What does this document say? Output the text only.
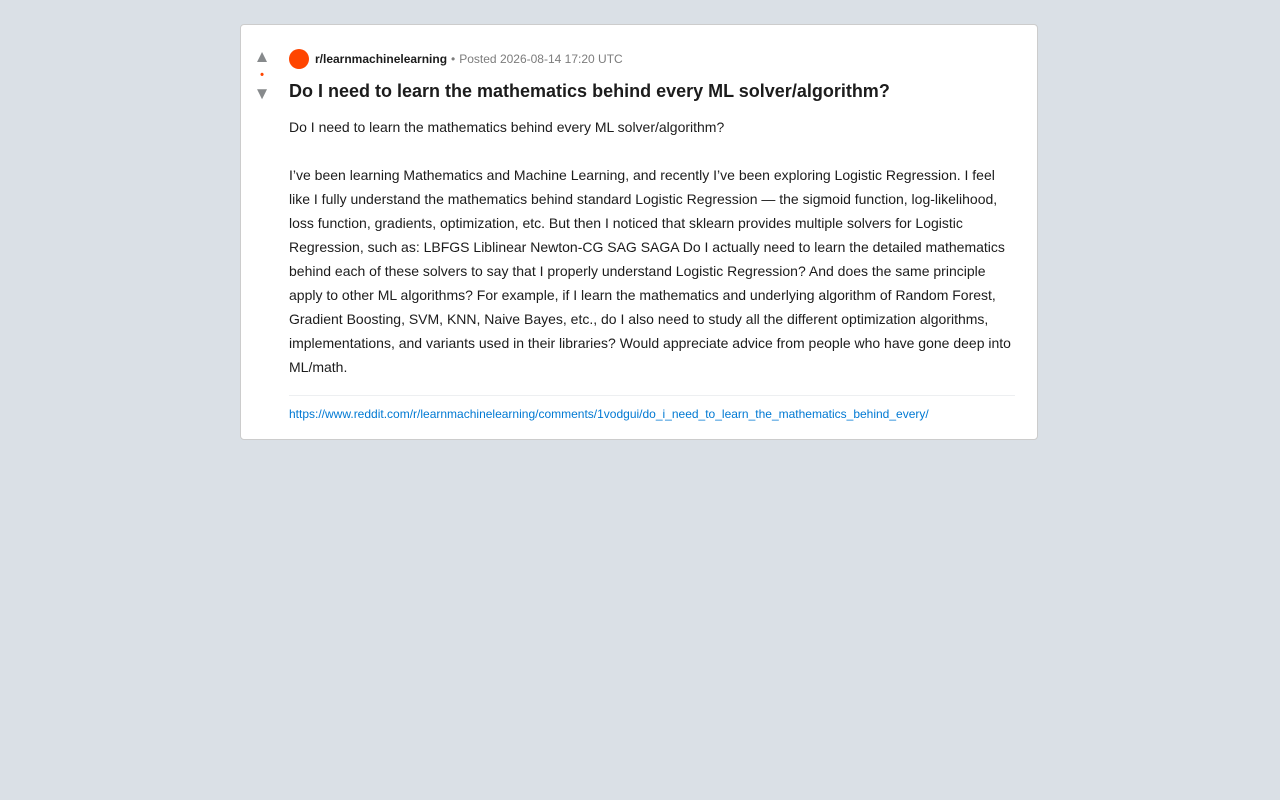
▲
•
▼
r/learnmachinelearning • Posted 2026-08-14 17:20 UTC
Do I need to learn the mathematics behind every ML solver/algorithm?

Do I need to learn the mathematics behind every ML solver/algorithm?

I’ve been learning Mathematics and Machine Learning, and recently I’ve been exploring Logistic Regression. I feel like I fully understand the mathematics behind standard Logistic Regression — the sigmoid function, log-likelihood, loss function, gradients, optimization, etc. But then I noticed that sklearn provides multiple solvers for Logistic Regression, such as: LBFGS Liblinear Newton-CG SAG SAGA Do I actually need to learn the detailed mathematics behind each of these solvers to say that I properly understand Logistic Regression? And does the same principle apply to other ML algorithms? For example, if I learn the mathematics and underlying algorithm of Random Forest, Gradient Boosting, SVM, KNN, Naive Bayes, etc., do I also need to study all the different optimization algorithms, implementations, and variants used in their libraries? Would appreciate advice from people who have gone deep into ML/math.

https://www.reddit.com/r/learnmachinelearning/comments/1vodgui/do_i_need_to_learn_the_mathematics_behind_every/
